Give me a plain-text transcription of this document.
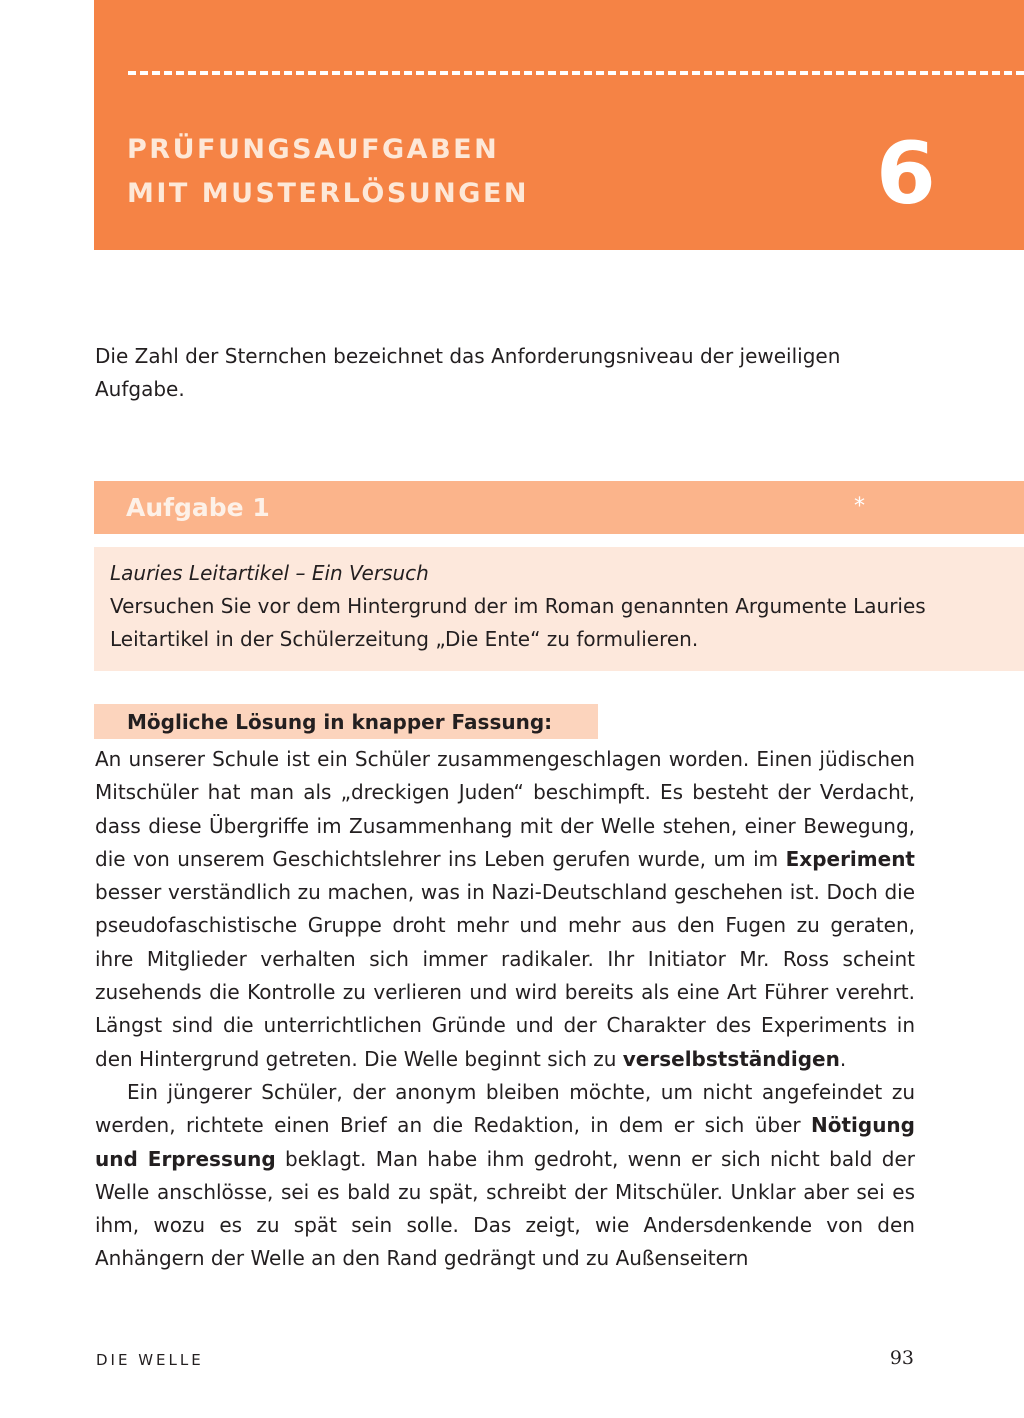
PRÜFUNGSAUFGABEN
MIT MUSTERLÖSUNGEN	6

Die Zahl der Sternchen bezeichnet das Anforderungsniveau der jeweiligen Aufgabe.

Aufgabe 1	*

Lauries Leitartikel – Ein Versuch
Versuchen Sie vor dem Hintergrund der im Roman genannten Argumente Lauries Leitartikel in der Schülerzeitung „Die Ente“ zu formulieren.

Mögliche Lösung in knapper Fassung:

An unserer Schule ist ein Schüler zusammengeschlagen worden. Einen jüdischen Mitschüler hat man als „dreckigen Juden“ beschimpft. Es besteht der Verdacht, dass diese Übergriffe im Zusammenhang mit der Welle stehen, einer Bewegung, die von unserem Geschichtslehrer ins Leben gerufen wurde, um im Experiment besser verständlich zu machen, was in Nazi-Deutschland geschehen ist. Doch die pseudofaschistische Gruppe droht mehr und mehr aus den Fugen zu geraten, ihre Mitglieder verhalten sich immer radikaler. Ihr Initiator Mr. Ross scheint zusehends die Kontrolle zu verlieren und wird bereits als eine Art Führer verehrt. Längst sind die unterrichtlichen Gründe und der Charakter des Experiments in den Hintergrund getreten. Die Welle beginnt sich zu verselbstständigen.

Ein jüngerer Schüler, der anonym bleiben möchte, um nicht angefeindet zu werden, richtete einen Brief an die Redaktion, in dem er sich über Nötigung und Erpressung beklagt. Man habe ihm gedroht, wenn er sich nicht bald der Welle anschlösse, sei es bald zu spät, schreibt der Mitschüler. Unklar aber sei es ihm, wozu es zu spät sein solle. Das zeigt, wie Andersdenkende von den Anhängern der Welle an den Rand gedrängt und zu Außenseitern

DIE WELLE	93
